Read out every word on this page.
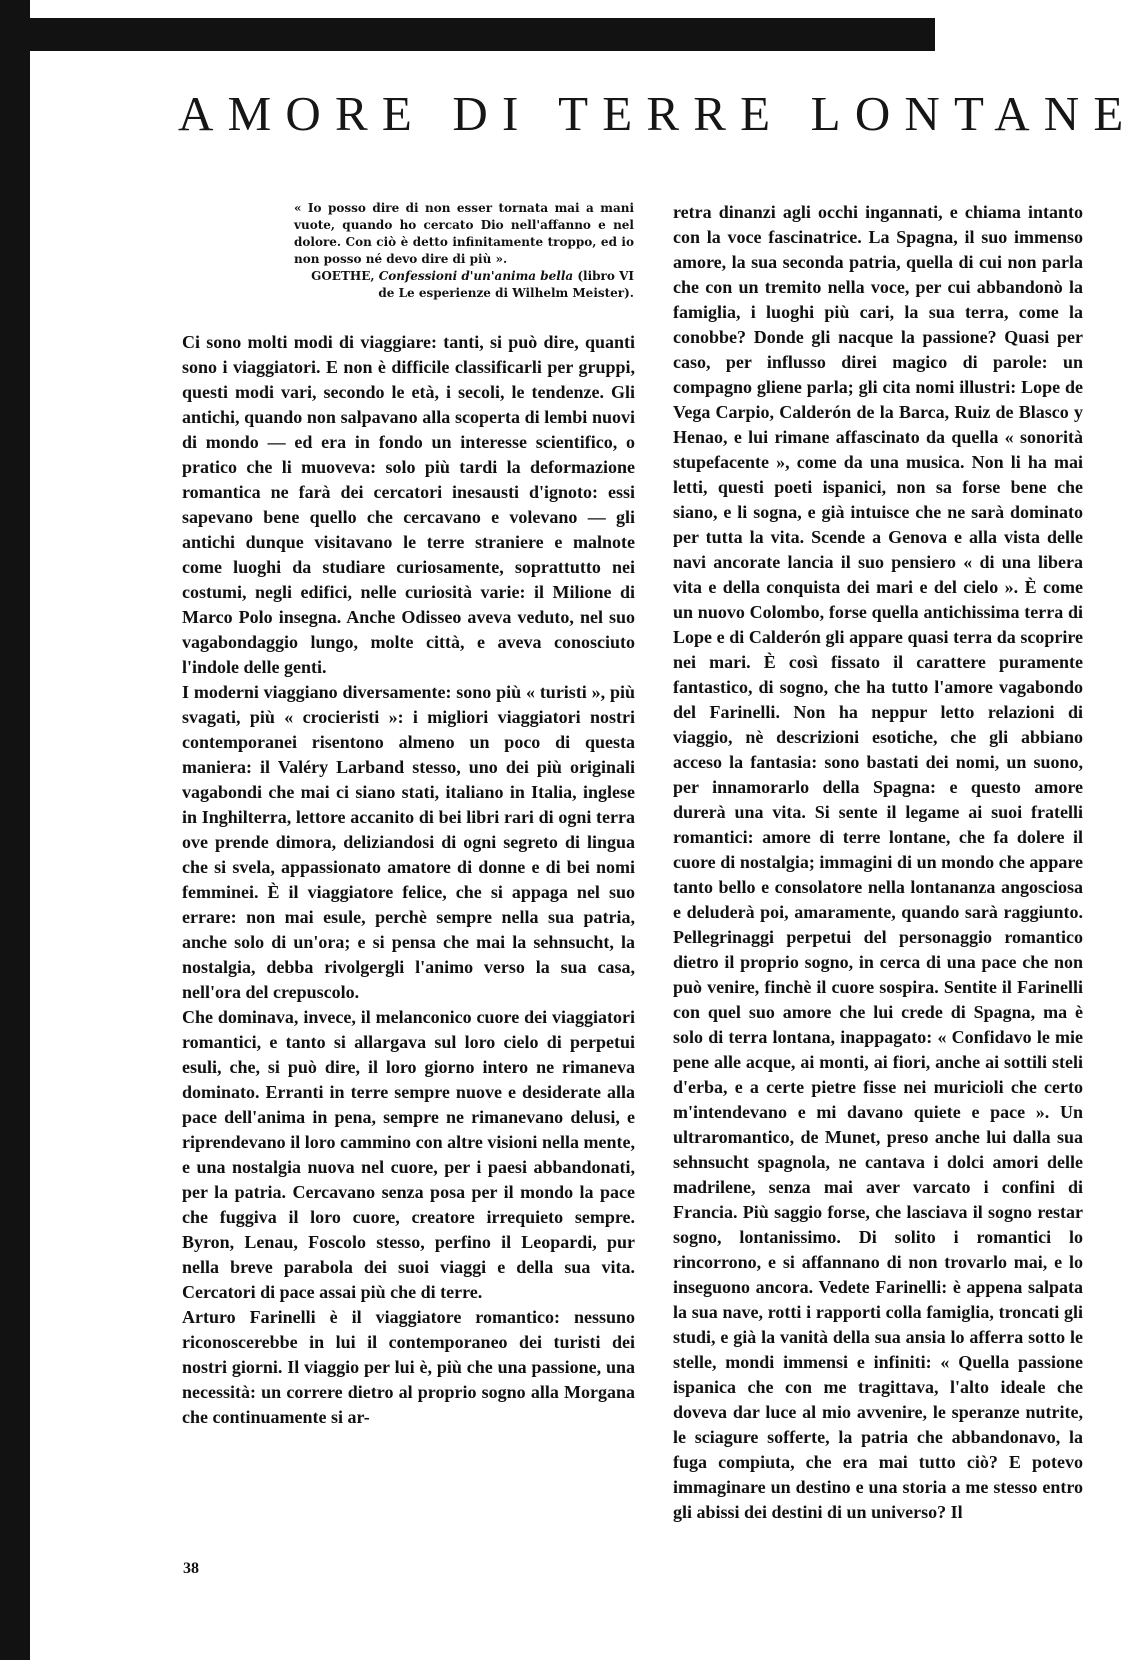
AMORE DI TERRE LONTANE

« Io posso dire di non esser tornata mai a mani vuote, quando ho cercato Dio nell'affanno e nel dolore. Con ciò è detto infinitamente troppo, ed io non posso né devo dire di più ».

GOETHE, Confessioni d'un'anima bella (libro VI de Le esperienze di Wilhelm Meister).

Ci sono molti modi di viaggiare: tanti, si può dire, quanti sono i viaggiatori. E non è difficile classificarli per gruppi, questi modi vari, secondo le età, i secoli, le tendenze. Gli antichi, quando non salpavano alla scoperta di lembi nuovi di mondo — ed era in fondo un interesse scientifico, o pratico che li muoveva: solo più tardi la deformazione romantica ne farà dei cercatori inesausti d'ignoto: essi sapevano bene quello che cercavano e volevano — gli antichi dunque visitavano le terre straniere e malnote come luoghi da studiare curiosamente, soprattutto nei costumi, negli edifici, nelle curiosità varie: il Milione di Marco Polo insegna. Anche Odisseo aveva veduto, nel suo vagabondaggio lungo, molte città, e aveva conosciuto l'indole delle genti.

I moderni viaggiano diversamente: sono più « turisti », più svagati, più « crocieristi »: i migliori viaggiatori nostri contemporanei risentono almeno un poco di questa maniera: il Valéry Larband stesso, uno dei più originali vagabondi che mai ci siano stati, italiano in Italia, inglese in Inghilterra, lettore accanito di bei libri rari di ogni terra ove prende dimora, deliziandosi di ogni segreto di lingua che si svela, appassionato amatore di donne e di bei nomi femminei. È il viaggiatore felice, che si appaga nel suo errare: non mai esule, perchè sempre nella sua patria, anche solo di un'ora; e si pensa che mai la sehnsucht, la nostalgia, debba rivolgergli l'animo verso la sua casa, nell'ora del crepuscolo.

Che dominava, invece, il melanconico cuore dei viaggiatori romantici, e tanto si allargava sul loro cielo di perpetui esuli, che, si può dire, il loro giorno intero ne rimaneva dominato. Erranti in terre sempre nuove e desiderate alla pace dell'anima in pena, sempre ne rimanevano delusi, e riprendevano il loro cammino con altre visioni nella mente, e una nostalgia nuova nel cuore, per i paesi abbandonati, per la patria. Cercavano senza posa per il mondo la pace che fuggiva il loro cuore, creatore irrequieto sempre. Byron, Lenau, Foscolo stesso, perfino il Leopardi, pur nella breve parabola dei suoi viaggi e della sua vita. Cercatori di pace assai più che di terre.

Arturo Farinelli è il viaggiatore romantico: nessuno riconoscerebbe in lui il contemporaneo dei turisti dei nostri giorni. Il viaggio per lui è, più che una passione, una necessità: un correre dietro al proprio sogno alla Morgana che continuamente si ar-

retra dinanzi agli occhi ingannati, e chiama intanto con la voce fascinatrice. La Spagna, il suo immenso amore, la sua seconda patria, quella di cui non parla che con un tremito nella voce, per cui abbandonò la famiglia, i luoghi più cari, la sua terra, come la conobbe? Donde gli nacque la passione? Quasi per caso, per influsso direi magico di parole: un compagno gliene parla; gli cita nomi illustri: Lope de Vega Carpio, Calderón de la Barca, Ruiz de Blasco y Henao, e lui rimane affascinato da quella « sonorità stupefacente », come da una musica. Non li ha mai letti, questi poeti ispanici, non sa forse bene che siano, e li sogna, e già intuisce che ne sarà dominato per tutta la vita. Scende a Genova e alla vista delle navi ancorate lancia il suo pensiero « di una libera vita e della conquista dei mari e del cielo ». È come un nuovo Colombo, forse quella antichissima terra di Lope e di Calderón gli appare quasi terra da scoprire nei mari. È così fissato il carattere puramente fantastico, di sogno, che ha tutto l'amore vagabondo del Farinelli. Non ha neppur letto relazioni di viaggio, nè descrizioni esotiche, che gli abbiano acceso la fantasia: sono bastati dei nomi, un suono, per innamorarlo della Spagna: e questo amore durerà una vita. Si sente il legame ai suoi fratelli romantici: amore di terre lontane, che fa dolere il cuore di nostalgia; immagini di un mondo che appare tanto bello e consolatore nella lontananza angosciosa e deluderà poi, amaramente, quando sarà raggiunto. Pellegrinaggi perpetui del personaggio romantico dietro il proprio sogno, in cerca di una pace che non può venire, finchè il cuore sospira. Sentite il Farinelli con quel suo amore che lui crede di Spagna, ma è solo di terra lontana, inappagato: « Confidavo le mie pene alle acque, ai monti, ai fiori, anche ai sottili steli d'erba, e a certe pietre fisse nei muricioli che certo m'intendevano e mi davano quiete e pace ». Un ultraromantico, de Munet, preso anche lui dalla sua sehnsucht spagnola, ne cantava i dolci amori delle madrilene, senza mai aver varcato i confini di Francia. Più saggio forse, che lasciava il sogno restar sogno, lontanissimo. Di solito i romantici lo rincorrono, e si affannano di non trovarlo mai, e lo inseguono ancora. Vedete Farinelli: è appena salpata la sua nave, rotti i rapporti colla famiglia, troncati gli studi, e già la vanità della sua ansia lo afferra sotto le stelle, mondi immensi e infiniti: « Quella passione ispanica che con me tragittava, l'alto ideale che doveva dar luce al mio avvenire, le speranze nutrite, le sciagure sofferte, la patria che abbandonavo, la fuga compiuta, che era mai tutto ciò? E potevo immaginare un destino e una storia a me stesso entro gli abissi dei destini di un universo? Il

38
